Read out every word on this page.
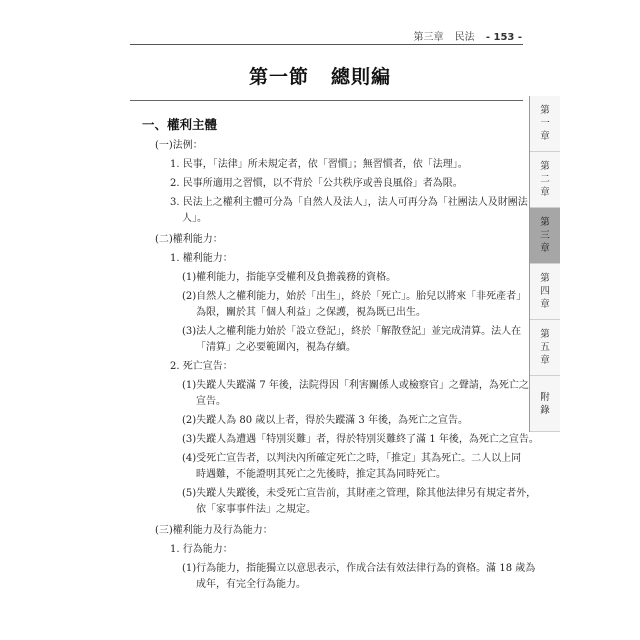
第三章 民法 - 153 -
第一節 總則編
一、權利主體
(一)法例：
1. 民事，「法律」所未規定者，依「習慣」；無習慣者，依「法理」。
2. 民事所適用之習慣，以不背於「公共秩序或善良風俗」者為限。
3. 民法上之權利主體可分為「自然人及法人」，法人可再分為「社團法人及財團法
人」。
(二)權利能力：
1. 權利能力：
(1)權利能力，指能享受權利及負擔義務的資格。
(2)自然人之權利能力，始於「出生」，終於「死亡」。胎兒以將來「非死產者」
為限，關於其「個人利益」之保護，視為既已出生。
(3)法人之權利能力始於「設立登記」，終於「解散登記」並完成清算。法人在
「清算」之必要範圍內，視為存續。
2. 死亡宣告：
(1)失蹤人失蹤滿 7 年後，法院得因「利害關係人或檢察官」之聲請，為死亡之
宣告。
(2)失蹤人為 80 歲以上者，得於失蹤滿 3 年後，為死亡之宣告。
(3)失蹤人為遭遇「特別災難」者，得於特別災難終了滿 1 年後，為死亡之宣告。
(4)受死亡宣告者，以判決內所確定死亡之時，「推定」其為死亡。二人以上同
時遇難，不能證明其死亡之先後時，推定其為同時死亡。
(5)失蹤人失蹤後，未受死亡宣告前，其財產之管理，除其他法律另有規定者外，
依「家事事件法」之規定。
(三)權利能力及行為能力：
1. 行為能力：
(1)行為能力，指能獨立以意思表示，作成合法有效法律行為的資格。滿 18 歲為
成年，有完全行為能力。
第
一
章
第
二
章
第
三
章
第
四
章
第
五
章
附
錄
